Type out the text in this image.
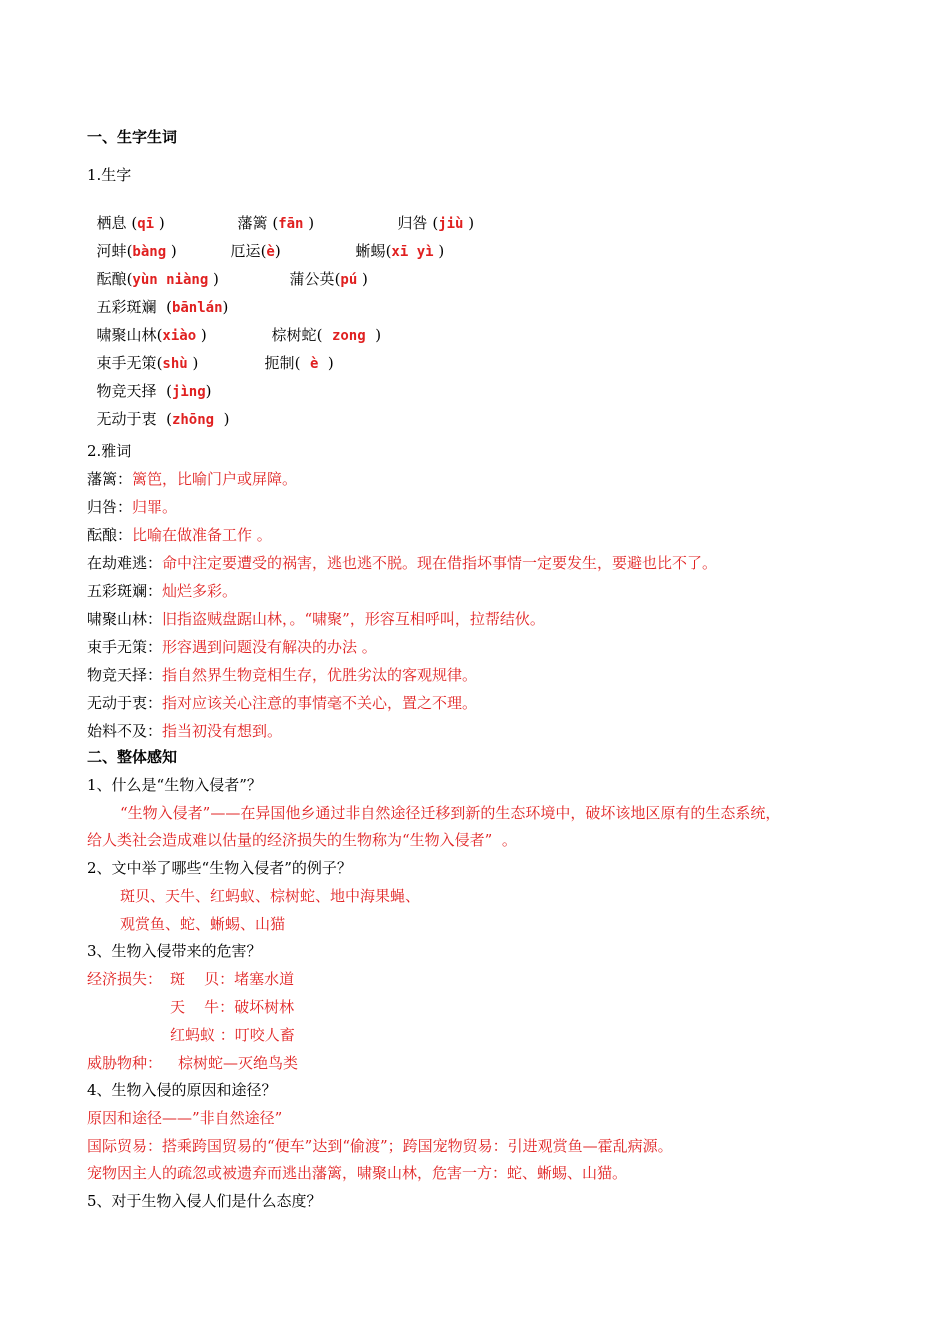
一、生字生词
1.生字

栖息 (qī )	藩篱 (fān )	归咎 (jiù )

河蚌(bàng )	厄运(è)	蜥蜴(xī yì )

酝酿(yùn niàng )	蒲公英(pú )

五彩斑斓  (bānlán)

啸聚山林(xiào )	棕树蛇(  zong  )

束手无策(shù )	扼制(  è  )

物竞天择  (jìng)

无动于衷  (zhōng  )

2.雅词
藩篱：篱笆，比喻门户或屏障。
归咎：归罪。
酝酿：比喻在做准备工作 。
在劫难逃：命中注定要遭受的祸害，逃也逃不脱。现在借指坏事情一定要发生，要避也比不了。
五彩斑斓：灿烂多彩。
啸聚山林：旧指盗贼盘踞山林，。“啸聚”，形容互相呼叫，拉帮结伙。
束手无策：形容遇到问题没有解决的办法 。
物竞天择：指自然界生物竞相生存，优胜劣汰的客观规律。
无动于衷：指对应该关心注意的事情毫不关心，置之不理。
始料不及：指当初没有想到。
二、整体感知
1、什么是“生物入侵者”？
“生物入侵者”——在异国他乡通过非自然途径迁移到新的生态环境中，破坏该地区原有的生态系统，
给人类社会造成难以估量的经济损失的生物称为“生物入侵者”  。
2、文中举了哪些“生物入侵者”的例子？
斑贝、天牛、红蚂蚁、棕树蛇、地中海果蝇、
观赏鱼、蛇、蜥蜴、山猫
3、生物入侵带来的危害？
经济损失： 斑    贝：堵塞水道
天    牛：破坏树林
红蚂蚁 ：叮咬人畜
威胁物种： 棕树蛇—灭绝鸟类
4、生物入侵的原因和途径？
原因和途径——”非自然途径”
国际贸易：搭乘跨国贸易的“便车”达到“偷渡”；跨国宠物贸易：引进观赏鱼—霍乱病源。
宠物因主人的疏忽或被遗弃而逃出藩篱，啸聚山林，危害一方：蛇、蜥蜴、山猫。
5、对于生物入侵人们是什么态度？
